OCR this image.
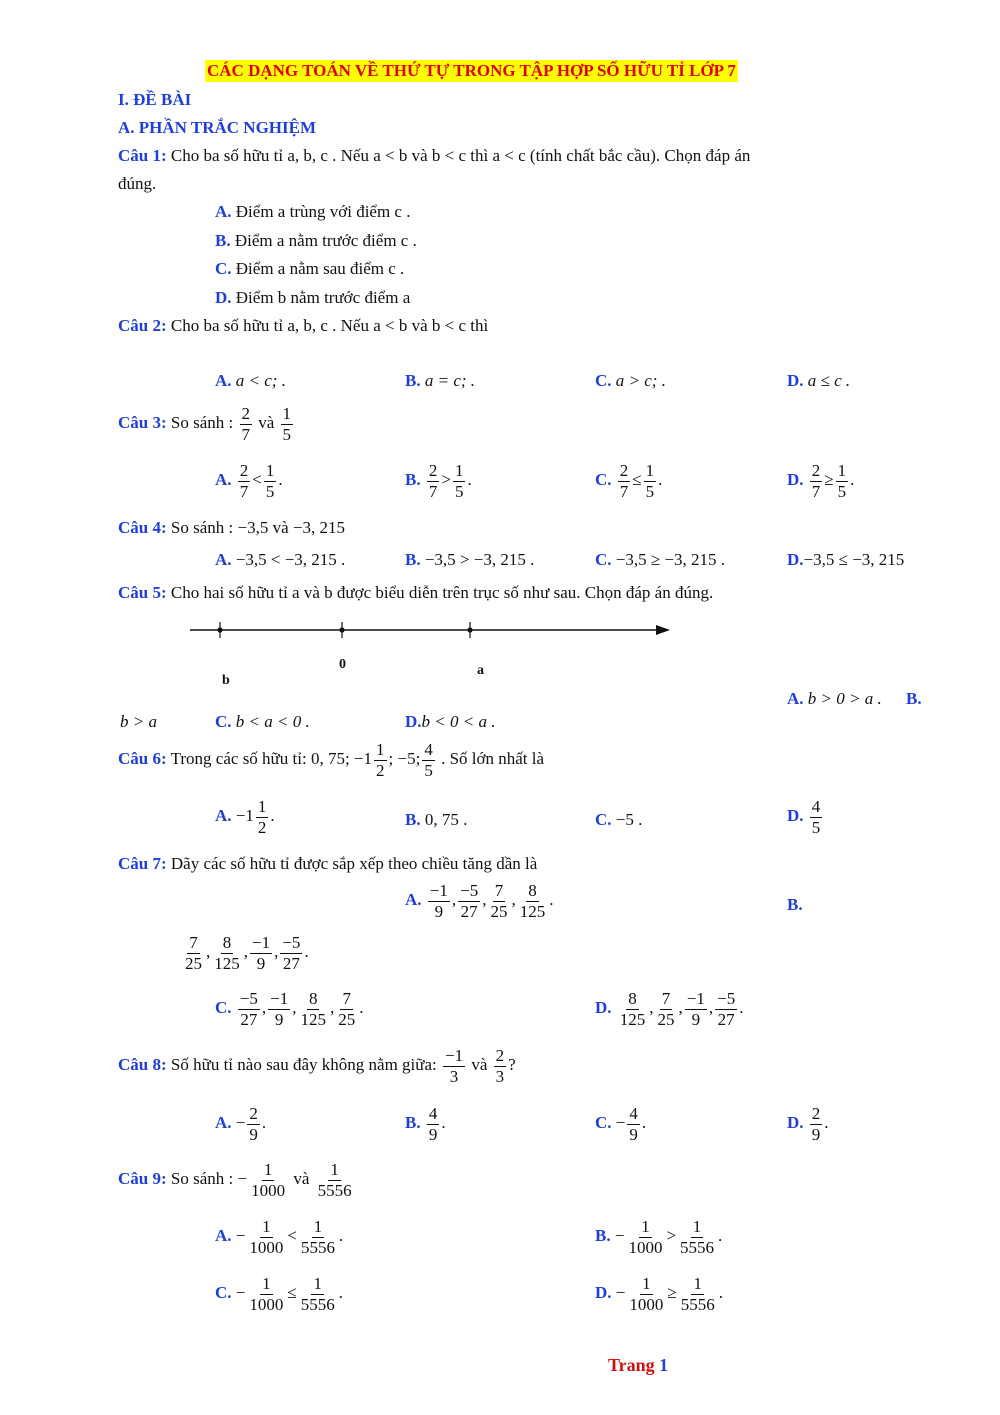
CÁC DẠNG TOÁN VỀ THỨ TỰ TRONG TẬP HỢP SỐ HỮU TỈ LỚP 7
I. ĐỀ BÀI
A. PHẦN TRẮC NGHIỆM
Câu 1: Cho ba số hữu tỉ a, b, c . Nếu a < b và b < c thì a < c (tính chất bắc cầu). Chọn đáp án
đúng.
A. Điểm a trùng với điểm c .
B. Điểm a nằm trước điểm c .
C. Điểm a nằm sau điểm c .
D. Điểm b nằm trước điểm a
Câu 2: Cho ba số hữu tỉ a, b, c . Nếu a < b và b < c thì
A. a < c; .	B. a = c; .	C. a > c; .	D. a ≤ c .
Câu 3: So sánh : $\frac{2}{7}$ và $\frac{1}{5}$
A. $\frac{2}{7} < \frac{1}{5}$ .	B. $\frac{2}{7} > \frac{1}{5}$ .	C. $\frac{2}{7} \le \frac{1}{5}$ .	D. $\frac{2}{7} \ge \frac{1}{5}$ .
Câu 4: So sánh : −3,5 và −3, 215
A. −3,5 < −3, 215 .	B. −3,5 > −3, 215 .	C. −3,5 ≥ −3, 215 .	D.−3,5 ≤ −3, 215
Câu 5: Cho hai số hữu tỉ a và b được biểu diễn trên trục số như sau. Chọn đáp án đúng.
b
0	a
A. b > 0 > a . B.
b > a	C. b < a < 0 .	D.b < 0 < a .
Câu 6: Trong các số hữu tỉ: 0, 75; $-1 \frac{1}{2}$ ; −5; $\frac{4}{5}$ . Số lớn nhất là
A. $-1 \frac{1}{2}$ .	B. 0, 75 .	C. −5 .	D. $\frac{4}{5}$
Câu 7: Dãy các số hữu tỉ được sắp xếp theo chiều tăng dần là
A. $\frac{-1}{9}$ , $\frac{-5}{27}$ , $\frac{7}{25}$ , $\frac{8}{125}$ .	B.
$\frac{7}{25}$ , $\frac{8}{125}$ , $\frac{-1}{9}$ , $\frac{-5}{27}$ .
C. $\frac{-5}{27}$ , $\frac{-1}{9}$ , $\frac{8}{125}$ , $\frac{7}{25}$ .	D. $\frac{8}{125}$ , $\frac{7}{25}$ , $\frac{-1}{9}$ , $\frac{-5}{27}$ .
Câu 8: Số hữu tỉ nào sau đây không nằm giữa: $\frac{-1}{3}$ và $\frac{2}{3}$ ?
A. − $\frac{2}{9}$ .	B. $\frac{4}{9}$ .	C. − $\frac{4}{9}$ .	D. $\frac{2}{9}$ .
Câu 9: So sánh : − $\frac{1}{1000}$ và $\frac{1}{5556}$
A. − $\frac{1}{1000} < \frac{1}{5556}$ .	B. − $\frac{1}{1000} > \frac{1}{5556}$ .
C. − $\frac{1}{1000} \le \frac{1}{5556}$ .	D. − $\frac{1}{1000} \ge \frac{1}{5556}$ .
Trang 1
